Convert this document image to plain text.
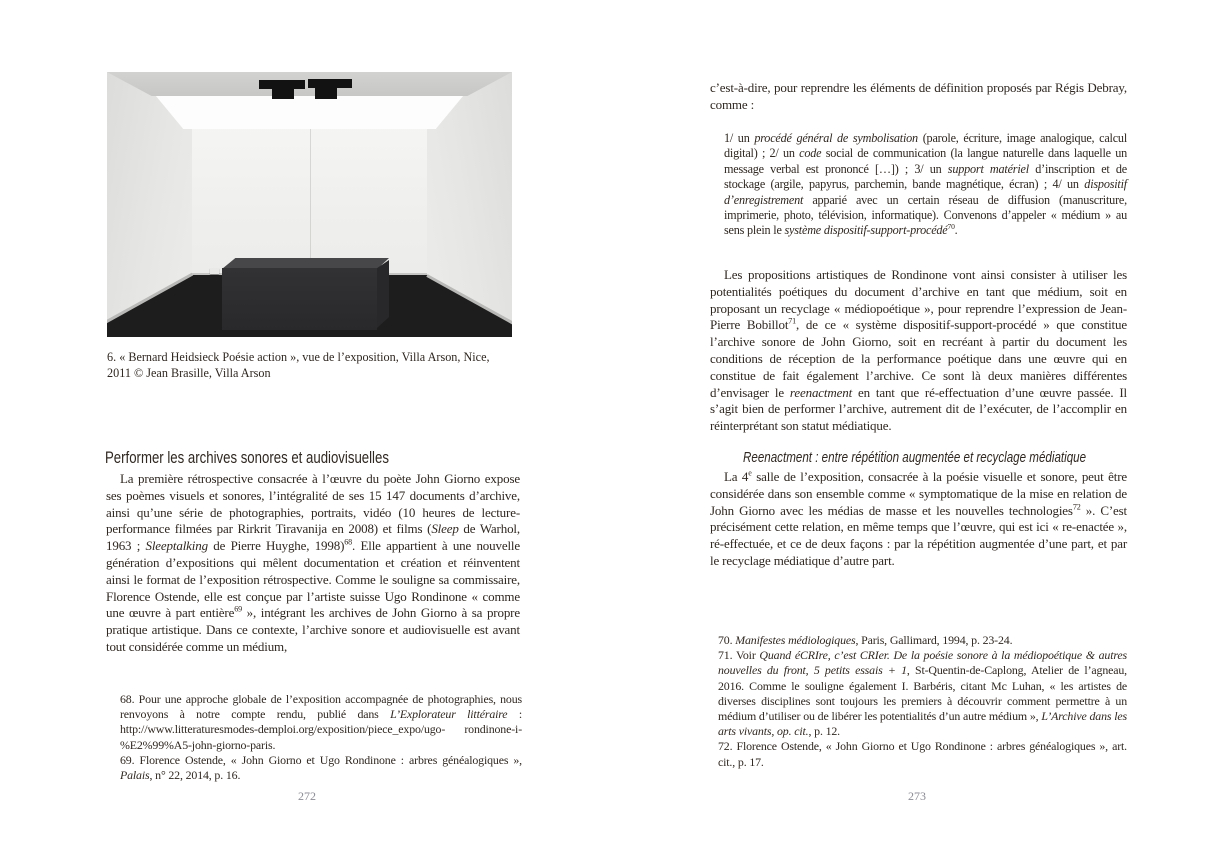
6. « Bernard Heidsieck Poésie action », vue de l’exposition, Villa Arson, Nice, 2011 © Jean Brasille, Villa Arson
Performer les archives sonores et audiovisuelles

La première rétrospective consacrée à l’œuvre du poète John Giorno expose ses poèmes visuels et sonores, l’intégralité de ses 15 147 documents d’archive, ainsi qu’une série de photographies, portraits, vidéo (10 heures de lecture-performance filmées par Rirkrit Tiravanija en 2008) et films (Sleep de Warhol, 1963 ; Sleeptalking de Pierre Huyghe, 1998)$^{68}$. Elle appartient à une nouvelle génération d’expositions qui mêlent documentation et création et réinventent ainsi le format de l’exposition rétrospective. Comme le souligne sa commissaire, Florence Ostende, elle est conçue par l’artiste suisse Ugo Rondinone « comme une œuvre à part entière$^{69}$ », intégrant les archives de John Giorno à sa propre pratique artistique. Dans ce contexte, l’archive sonore et audiovisuelle est avant tout considérée comme un médium,

68. Pour une approche globale de l’exposition accompagnée de photographies, nous renvoyons à notre compte rendu, publié dans L’Explorateur littéraire : http://www.litteraturesmodes-demploi.org/exposition/piece_expo/ugo- rondinone-i-%E2%99%A5-john-giorno-paris.

69. Florence Ostende, « John Giorno et Ugo Rondinone : arbres généalogiques », Palais, n° 22, 2014, p. 16.

272

c’est-à-dire, pour reprendre les éléments de définition proposés par Régis Debray, comme :

1/ un procédé général de symbolisation (parole, écriture, image analogique, calcul digital) ; 2/ un code social de communication (la langue naturelle dans laquelle un message verbal est prononcé […]) ; 3/ un support matériel d’inscription et de stockage (argile, papyrus, parchemin, bande magnétique, écran) ; 4/ un dispositif d’enregistrement apparié avec un certain réseau de diffusion (manuscriture, imprimerie, photo, télévision, informatique). Convenons d’appeler « médium » au sens plein le système dispositif-support-procédé$^{70}$.

Les propositions artistiques de Rondinone vont ainsi consister à utiliser les potentialités poétiques du document d’archive en tant que médium, soit en proposant un recyclage « médiopoétique », pour reprendre l’expression de Jean-Pierre Bobillot$^{71}$, de ce « système dispositif-support-procédé » que constitue l’archive sonore de John Giorno, soit en recréant à partir du document les conditions de réception de la performance poétique dans une œuvre qui en constitue de fait également l’archive. Ce sont là deux manières différentes d’envisager le reenactment en tant que ré-effectuation d’une œuvre passée. Il s’agit bien de performer l’archive, autrement dit de l’exécuter, de l’accomplir en réinterprétant son statut médiatique.

Reenactment : entre répétition augmentée et recyclage médiatique

La 4e salle de l’exposition, consacrée à la poésie visuelle et sonore, peut être considérée dans son ensemble comme « symptomatique de la mise en relation de John Giorno avec les médias de masse et les nouvelles technologies$^{72}$ ». C’est précisément cette relation, en même temps que l’œuvre, qui est ici « re-enactée », ré-effectuée, et ce de deux façons : par la répétition augmentée d’une part, et par le recyclage médiatique d’autre part.

70. Manifestes médiologiques, Paris, Gallimard, 1994, p. 23-24.

71. Voir Quand éCRIre, c’est CRIer. De la poésie sonore à la médiopoétique & autres nouvelles du front, 5 petits essais + 1, St-Quentin-de-Caplong, Atelier de l’agneau, 2016. Comme le souligne également I. Barbéris, citant Mc Luhan, « les artistes de diverses disciplines sont toujours les premiers à découvrir comment permettre à un médium d’utiliser ou de libérer les potentialités d’un autre médium », L’Archive dans les arts vivants, op. cit., p. 12.

72. Florence Ostende, « John Giorno et Ugo Rondinone : arbres généalogiques », art. cit., p. 17.

273
